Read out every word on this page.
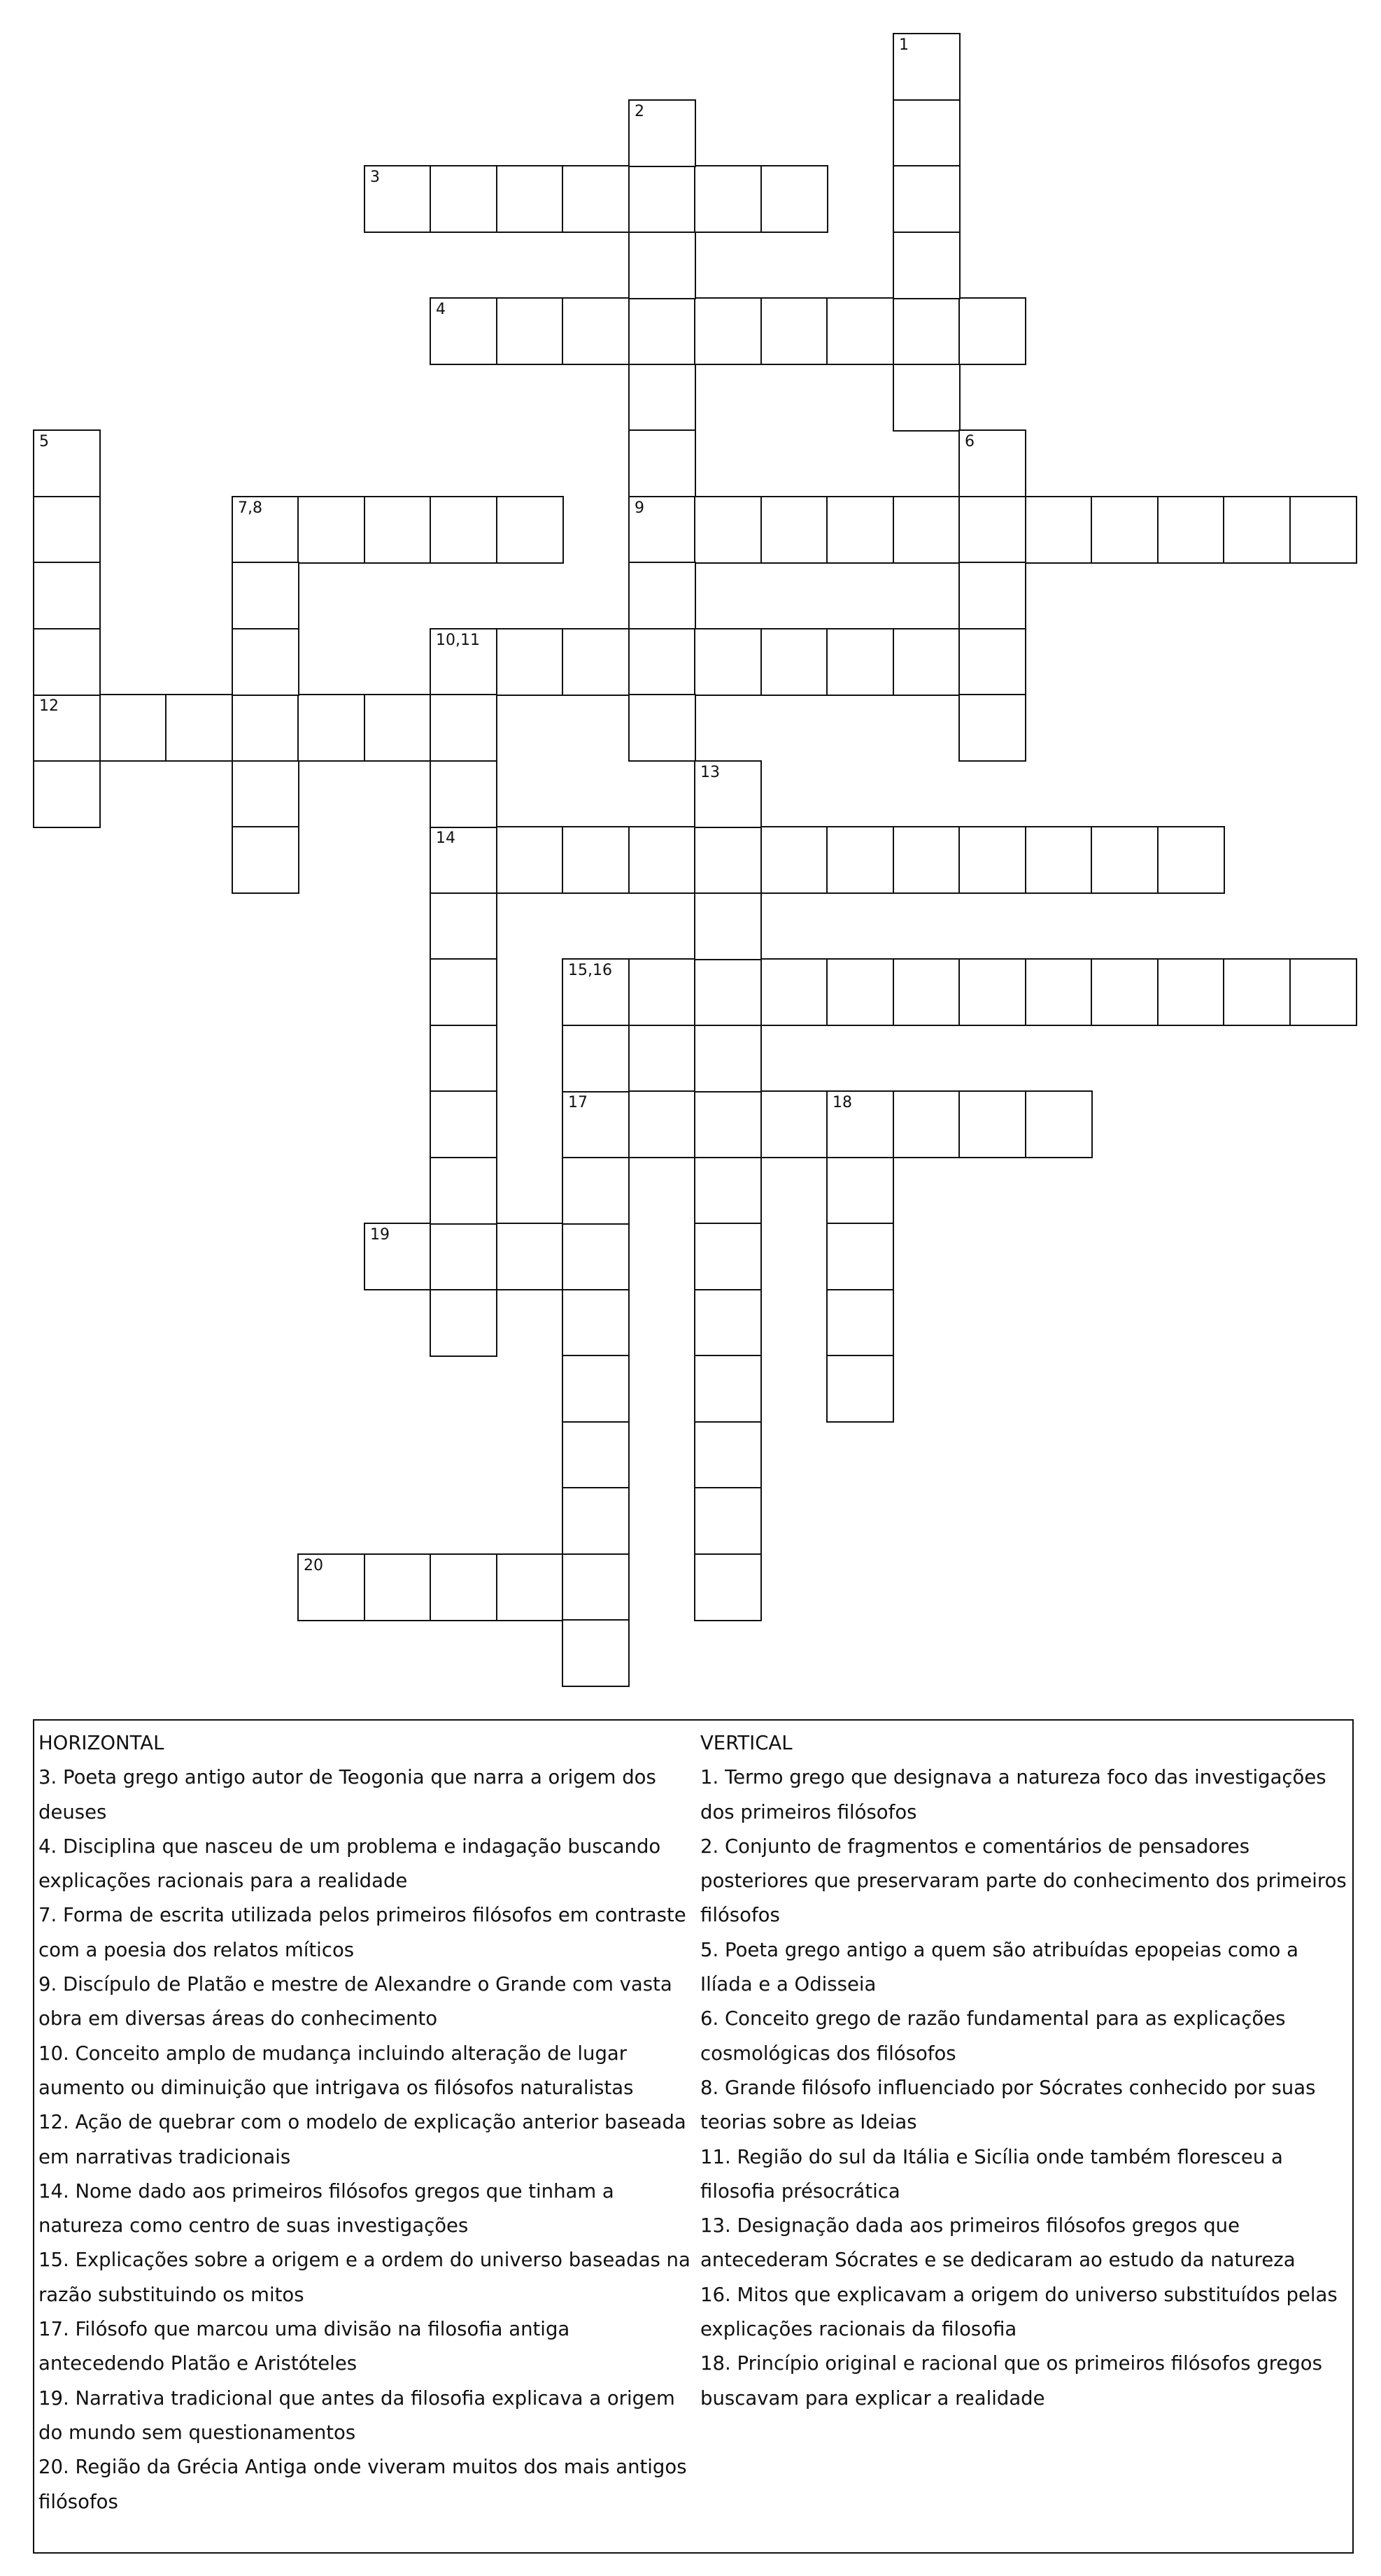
3
4
7,8	9
10,11
12
14
15,16
17	18
19
20
1
2
5	6
13
HORIZONTAL
3. Poeta grego antigo autor de Teogonia que narra a origem dos deuses
4. Disciplina que nasceu de um problema e indagação buscando explicações racionais para a realidade
7. Forma de escrita utilizada pelos primeiros filósofos em contraste com a poesia dos relatos míticos
9. Discípulo de Platão e mestre de Alexandre o Grande com vasta obra em diversas áreas do conhecimento
10. Conceito amplo de mudança incluindo alteração de lugar aumento ou diminuição que intrigava os filósofos naturalistas
12. Ação de quebrar com o modelo de explicação anterior baseada em narrativas tradicionais
14. Nome dado aos primeiros filósofos gregos que tinham a natureza como centro de suas investigações
15. Explicações sobre a origem e a ordem do universo baseadas na razão substituindo os mitos
17. Filósofo que marcou uma divisão na filosofia antiga antecedendo Platão e Aristóteles
19. Narrativa tradicional que antes da filosofia explicava a origem do mundo sem questionamentos
20. Região da Grécia Antiga onde viveram muitos dos mais antigos filósofos
VERTICAL
1. Termo grego que designava a natureza foco das investigações dos primeiros filósofos
2. Conjunto de fragmentos e comentários de pensadores posteriores que preservaram parte do conhecimento dos primeiros filósofos
5. Poeta grego antigo a quem são atribuídas epopeias como a Ilíada e a Odisseia
6. Conceito grego de razão fundamental para as explicações cosmológicas dos filósofos
8. Grande filósofo influenciado por Sócrates conhecido por suas teorias sobre as Ideias
11. Região do sul da Itália e Sicília onde também floresceu a filosofia présocrática
13. Designação dada aos primeiros filósofos gregos que antecederam Sócrates e se dedicaram ao estudo da natureza
16. Mitos que explicavam a origem do universo substituídos pelas explicações racionais da filosofia
18. Princípio original e racional que os primeiros filósofos gregos buscavam para explicar a realidade
